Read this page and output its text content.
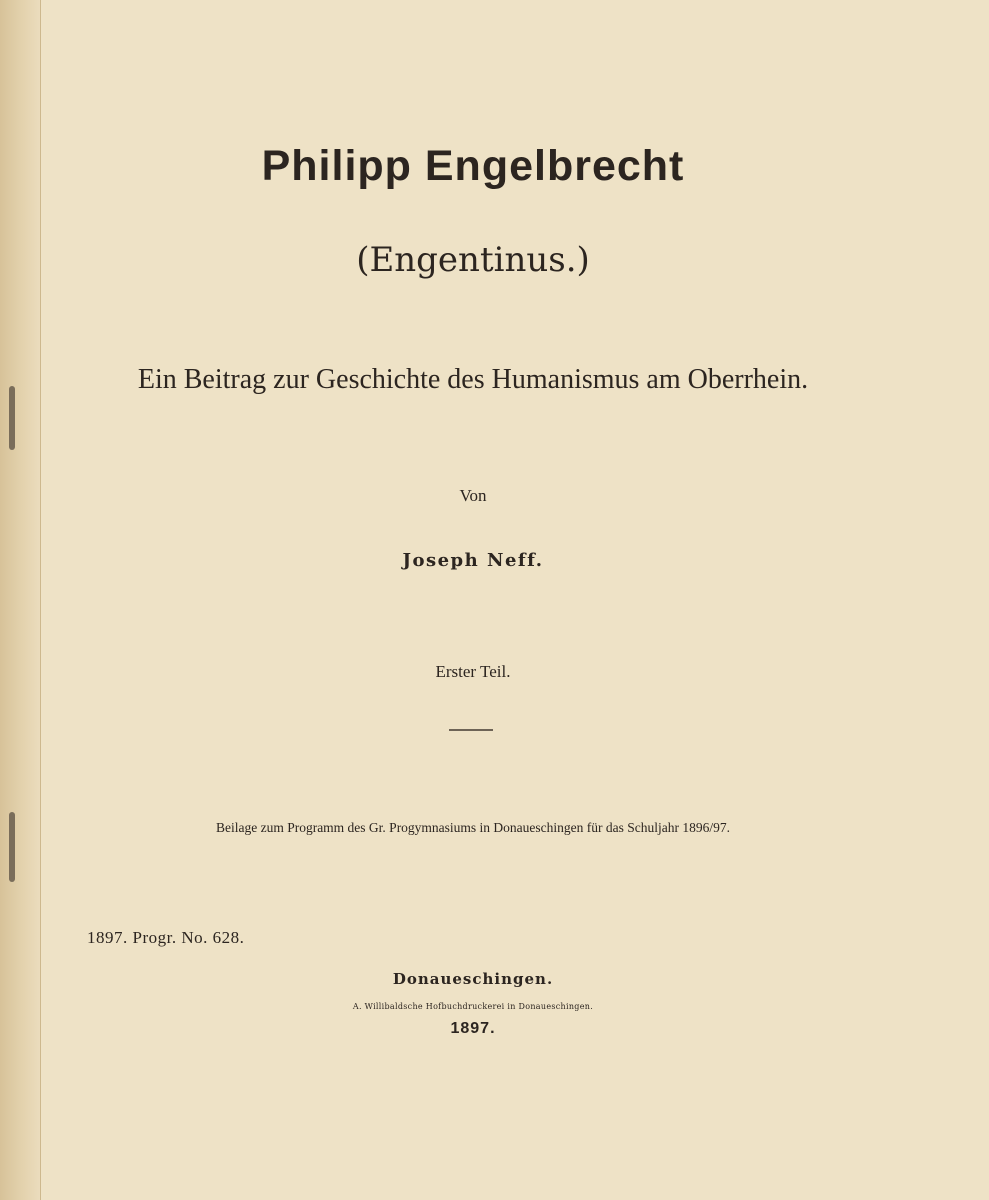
Philipp Engelbrecht
(Engentinus.)
Ein Beitrag zur Geschichte des Humanismus am Oberrhein.
Von
Joseph Neff.
Erster Teil.
Beilage zum Programm des Gr. Progymnasiums in Donaueschingen für das Schuljahr 1896/97.
1897. Progr. No. 628.
Donaueschingen.
A. Willibaldsche Hofbuchdruckerei in Donaueschingen.
1897.
